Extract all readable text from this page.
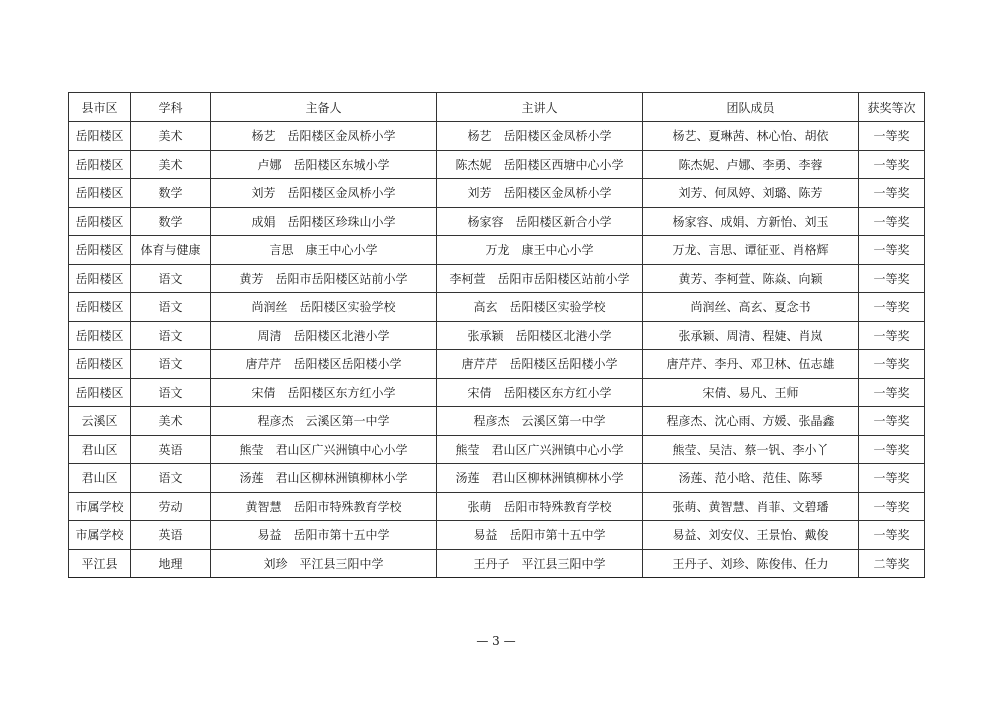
县市区	学科	主备人	主讲人	团队成员	获奖等次
岳阳楼区	美术	杨艺 岳阳楼区金凤桥小学	杨艺 岳阳楼区金凤桥小学	杨艺、夏琳茜、林心怡、胡依	一等奖
岳阳楼区	美术	卢娜 岳阳楼区东城小学	陈杰妮 岳阳楼区西塘中心小学	陈杰妮、卢娜、李勇、李蓉	一等奖
岳阳楼区	数学	刘芳 岳阳楼区金凤桥小学	刘芳 岳阳楼区金凤桥小学	刘芳、何凤婷、刘璐、陈芳	一等奖
岳阳楼区	数学	成娟 岳阳楼区珍珠山小学	杨家容 岳阳楼区新合小学	杨家容、成娟、方新怡、刘玉	一等奖
岳阳楼区	体育与健康	言思 康王中心小学	万龙 康王中心小学	万龙、言思、谭征亚、肖格辉	一等奖
岳阳楼区	语文	黄芳 岳阳市岳阳楼区站前小学	李柯萱 岳阳市岳阳楼区站前小学	黄芳、李柯萱、陈焱、向颖	一等奖
岳阳楼区	语文	尚润丝 岳阳楼区实验学校	高玄 岳阳楼区实验学校	尚润丝、高玄、夏念书	一等奖
岳阳楼区	语文	周清 岳阳楼区北港小学	张承颖 岳阳楼区北港小学	张承颖、周清、程婕、肖岚	一等奖
岳阳楼区	语文	唐芹芹 岳阳楼区岳阳楼小学	唐芹芹 岳阳楼区岳阳楼小学	唐芹芹、李丹、邓卫林、伍志雄	一等奖
岳阳楼区	语文	宋倩 岳阳楼区东方红小学	宋倩 岳阳楼区东方红小学	宋倩、易凡、王师	一等奖
云溪区	美术	程彦杰 云溪区第一中学	程彦杰 云溪区第一中学	程彦杰、沈心雨、方媛、张晶鑫	一等奖
君山区	英语	熊莹 君山区广兴洲镇中心小学	熊莹 君山区广兴洲镇中心小学	熊莹、吴洁、蔡一钒、李小丫	一等奖
君山区	语文	汤莲 君山区柳林洲镇柳林小学	汤莲 君山区柳林洲镇柳林小学	汤莲、范小晗、范佳、陈琴	一等奖
市属学校	劳动	黄智慧 岳阳市特殊教育学校	张萌 岳阳市特殊教育学校	张萌、黄智慧、肖菲、文碧璠	一等奖
市属学校	英语	易益 岳阳市第十五中学	易益 岳阳市第十五中学	易益、刘安仪、王景怡、戴俊	一等奖
平江县	地理	刘珍 平江县三阳中学	王丹子 平江县三阳中学	王丹子、刘珍、陈俊伟、任力	二等奖
— 3 —
